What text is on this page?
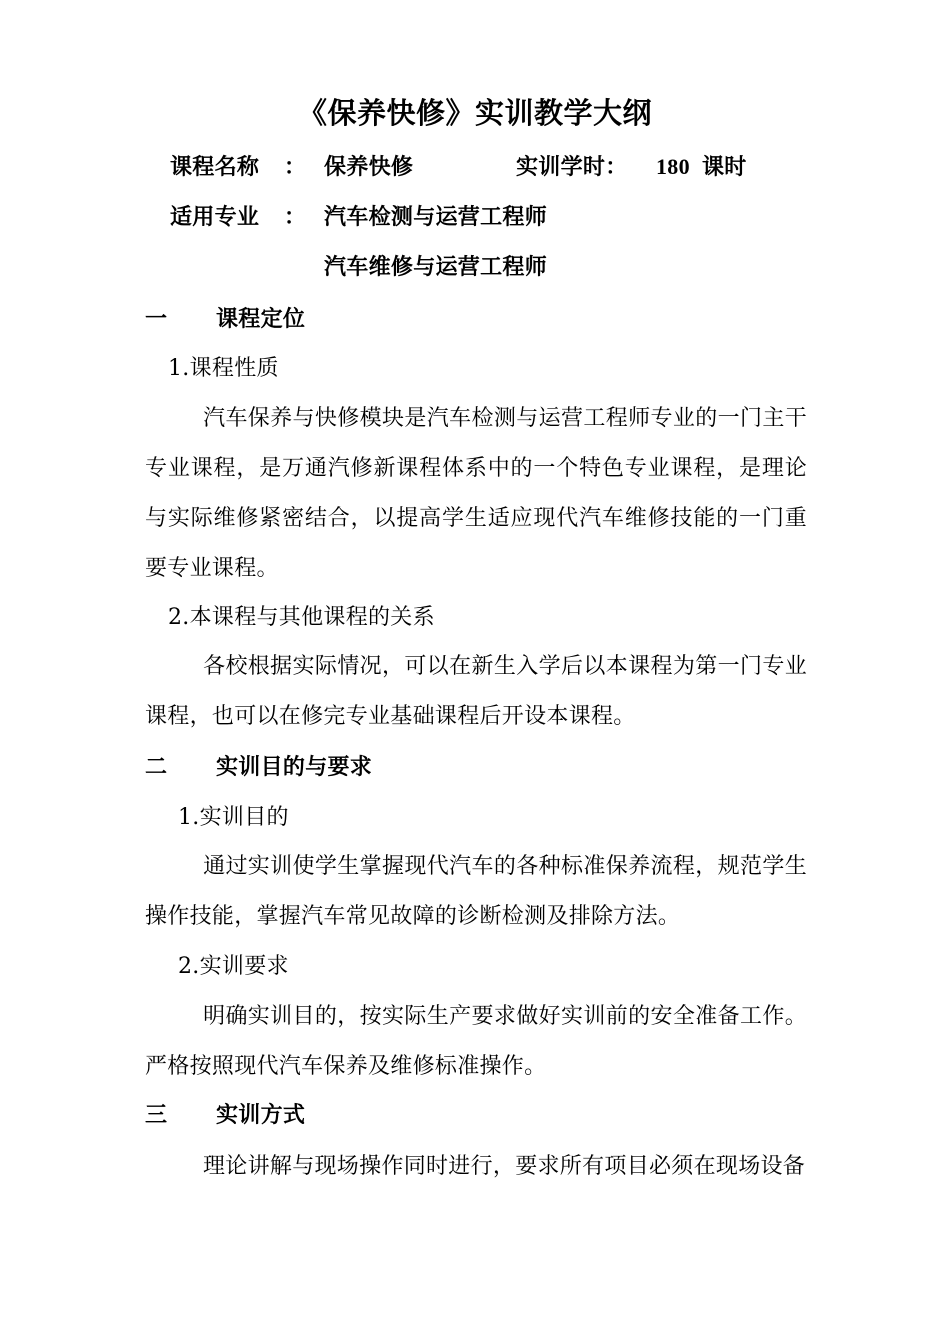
《保养快修》实训教学大纲
课程名称 ： 保养快修	实训学时： 180 课时
适用专业 ： 汽车检测与运营工程师
汽车维修与运营工程师
一 课程定位
1.课程性质
汽车保养与快修模块是汽车检测与运营工程师专业的一门主干专业课程，是万通汽修新课程体系中的一个特色专业课程，是理论与实际维修紧密结合，以提高学生适应现代汽车维修技能的一门重要专业课程。
2.本课程与其他课程的关系
各校根据实际情况，可以在新生入学后以本课程为第一门专业课程，也可以在修完专业基础课程后开设本课程。
二 实训目的与要求
1.实训目的
通过实训使学生掌握现代汽车的各种标准保养流程，规范学生操作技能，掌握汽车常见故障的诊断检测及排除方法。
2.实训要求
明确实训目的，按实际生产要求做好实训前的安全准备工作。严格按照现代汽车保养及维修标准操作。
三 实训方式
理论讲解与现场操作同时进行，要求所有项目必须在现场设备
